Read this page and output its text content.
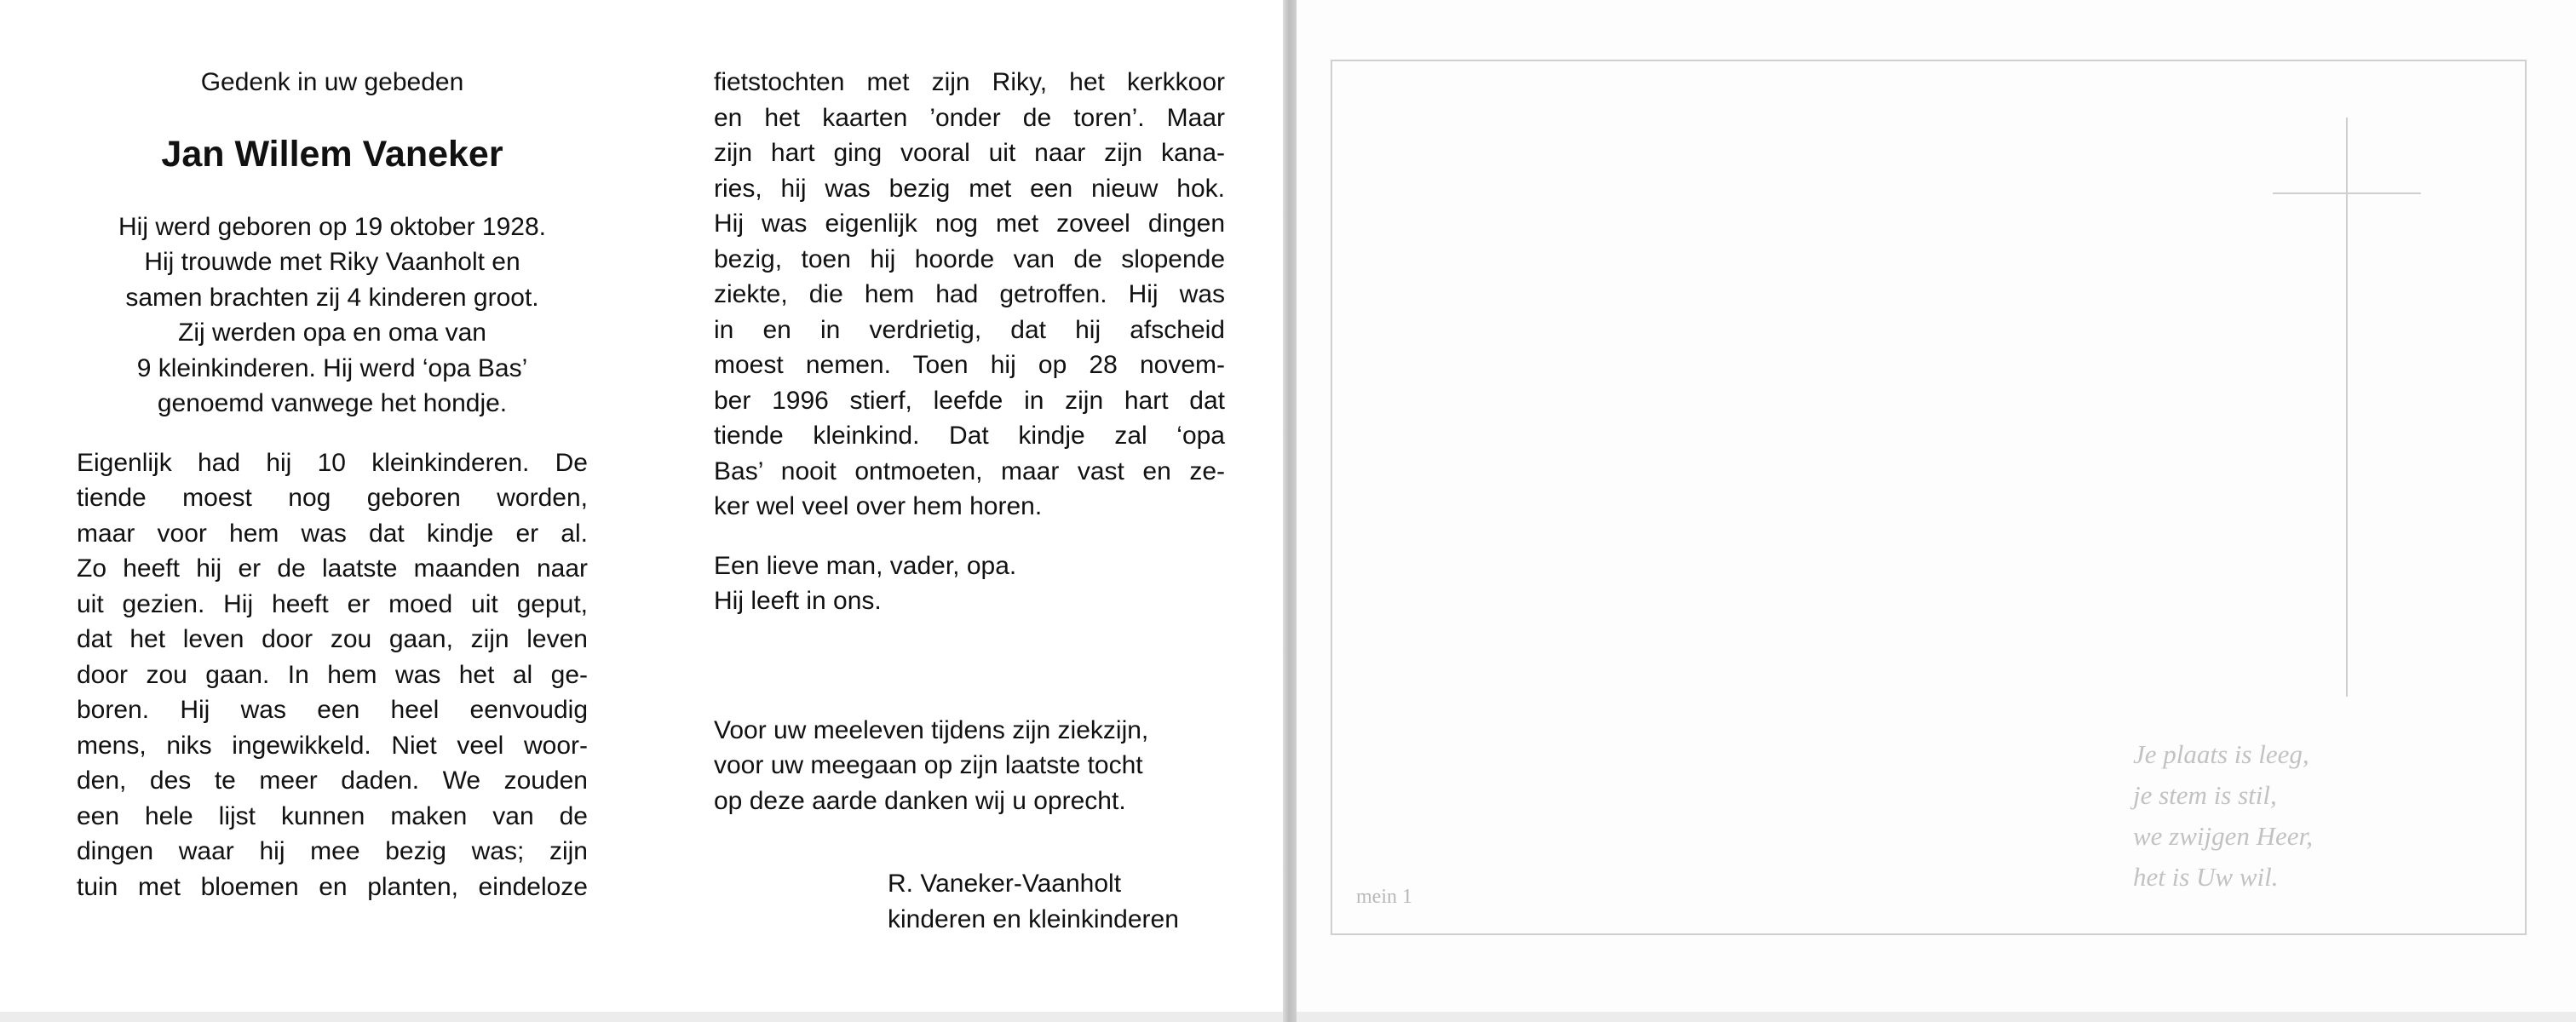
Gedenk in uw gebeden
Jan Willem Vaneker
Hij werd geboren op 19 oktober 1928.
Hij trouwde met Riky Vaanholt en
samen brachten zij 4 kinderen groot.
Zij werden opa en oma van
9 kleinkinderen. Hij werd ‘opa Bas’
genoemd vanwege het hondje.
Eigenlijk had hij 10 kleinkinderen. De
tiende moest nog geboren worden,
maar voor hem was dat kindje er al.
Zo heeft hij er de laatste maanden naar
uit gezien. Hij heeft er moed uit geput,
dat het leven door zou gaan, zijn leven
door zou gaan. In hem was het al ge-
boren. Hij was een heel eenvoudig
mens, niks ingewikkeld. Niet veel woor-
den, des te meer daden. We zouden
een hele lijst kunnen maken van de
dingen waar hij mee bezig was; zijn
tuin met bloemen en planten, eindeloze
fietstochten met zijn Riky, het kerkkoor
en het kaarten ’onder de toren’. Maar
zijn hart ging vooral uit naar zijn kana-
ries, hij was bezig met een nieuw hok.
Hij was eigenlijk nog met zoveel dingen
bezig, toen hij hoorde van de slopende
ziekte, die hem had getroffen. Hij was
in en in verdrietig, dat hij afscheid
moest nemen. Toen hij op 28 novem-
ber 1996 stierf, leefde in zijn hart dat
tiende kleinkind. Dat kindje zal ‘opa
Bas’ nooit ontmoeten, maar vast en ze-
ker wel veel over hem horen.
Een lieve man, vader, opa.
Hij leeft in ons.
Voor uw meeleven tijdens zijn ziekzijn,
voor uw meegaan op zijn laatste tocht
op deze aarde danken wij u oprecht.
R. Vaneker-Vaanholt
kinderen en kleinkinderen
Je plaats is leeg,
je stem is stil,
we zwijgen Heer,
het is Uw wil.
mein 1
